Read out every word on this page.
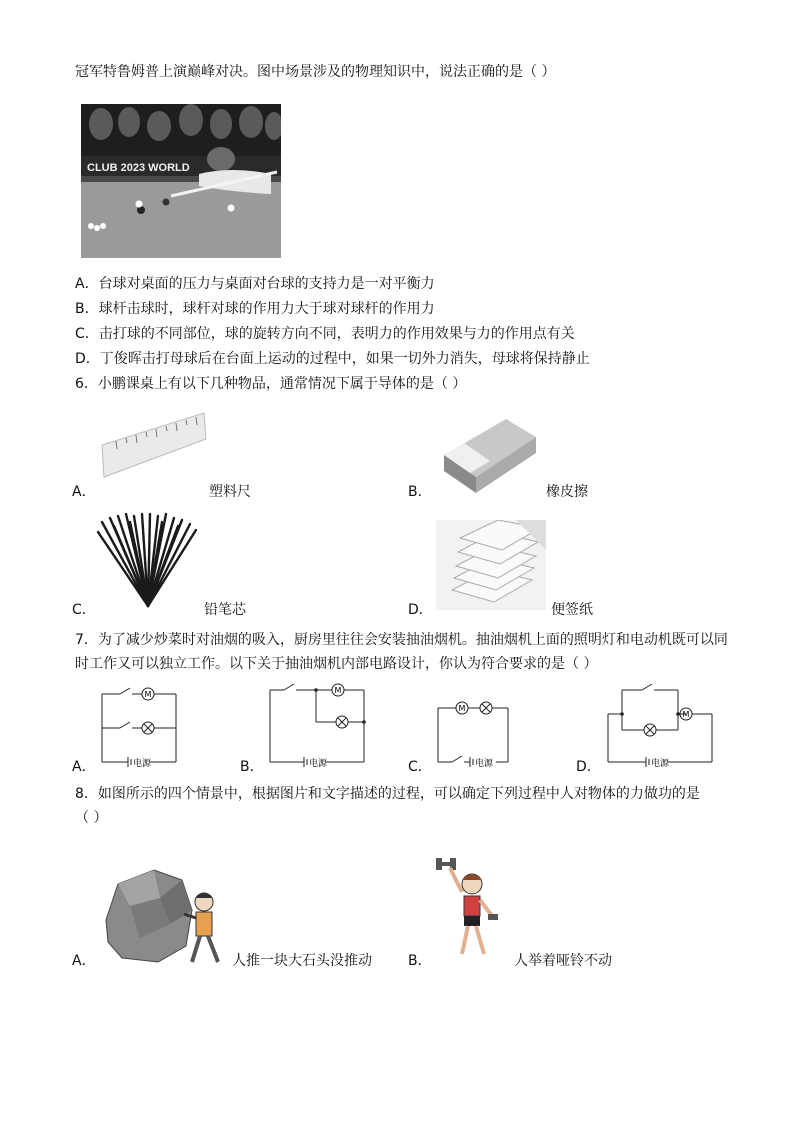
冠军特鲁姆普上演巅峰对决。图中场景涉及的物理知识中，说法正确的是（ ）
CLUB 2023 WORLD
A．台球对桌面的压力与桌面对台球的支持力是一对平衡力
B．球杆击球时，球杆对球的作用力大于球对球杆的作用力
C．击打球的不同部位，球的旋转方向不同，表明力的作用效果与力的作用点有关
D．丁俊晖击打母球后在台面上运动的过程中，如果一切外力消失，母球将保持静止
6．小鹏课桌上有以下几种物品，通常情况下属于导体的是（ ）
A．	塑料尺	B．	橡皮擦
C．	铅笔芯	D．	便签纸
7．为了减少炒菜时对油烟的吸入，厨房里往往会安装抽油烟机。抽油烟机上面的照明灯和电动机既可以同
时工作又可以独立工作。以下关于抽油烟机内部电路设计，你认为符合要求的是（ ）
A．
M
电源	B．
M
电源	C．
M
电源	D．
M
电源
8．如图所示的四个情景中，根据图片和文字描述的过程，可以确定下列过程中人对物体的力做功的是
（ ）
A．	人推一块大石头没推动	B．	人举着哑铃不动
